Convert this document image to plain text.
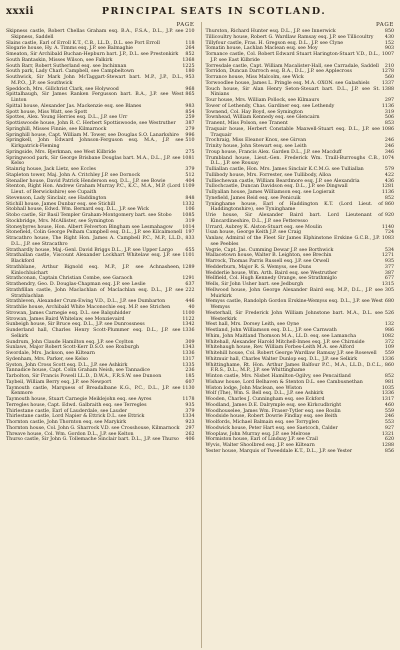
xxxii	PRINCIPAL SEATS IN SCOTLAND.
PAGE

210
Skipness castle, Robert Chellas Graham esq. B.A., F.S.A., D.L., J.P. see Skipness, Saddell

118
Slains castle, Earl of Erroll K.T., C.B., LL.D., D.L. see Port Erroll

264
Slogarie house, Hy. A. Timms esq. J.P. see Balmaghie

852
Smeaton, Sir Archibald Buchan-Hepburn bart. J.P., D.L. see Prestonkirk

1368
South Bantaskin, Misses Wilson, see Falkirk

1225
South Barr, Robert Sutherland esq. see Inchinnan

180
South park, Lady Charl. Campbell, see Campbeltown

953
Southwick, Sir Mark John McTaggart-Stewart bart. M.P., J.P., D.L., M.P.O., J.P. see Southwick

968
Speddoch, Mrs. Gillchrist Clark, see Holywood

865
Spittalhaugh, Sir James Ranken Fergusson bart. B.A., J.P. see West Linton

983
Spittal house, Alexander Jas. Mackenzie esq. see Blanes

854
Spott house, Miss Watt, see Spott

259
Spottes, Alex. Young Herries esq. D.L., J.P. see Urr

387
Spottiswoode house, John R. C. Herbert Spottiswoode, see Westruther

279
Springhill, Misses Finnie, see Kilmarnock

996
Springhill house, Capt. William M. Tower, see Douglas S.O. Lanarkshire

510
Springkell, John Edward Johnson-Ferguson esq. M.A., J.P. see Kirkpatrick-Fleming

275
Springside, Mrs. Bjerkman, see West Kilbride

1081
Springwood park, Sir George Brisbane Douglas bart. M.A., D.L., J.P. see Kelso

379
Stainrig house, Jack Lietz, see Eccles

512
Stapleton tower, Maj. John A. Critchley J.P. see Dornock

404
Stenaller house, David Patrick Henderson esq. D.L., J.P. see Bowie

1109
Stenton, Right Hon. Andrew Graham Murray P.C., K.C., M.A., M.P. (Lord Lieut. of Berwickshire) see Cupaith

848
Stevenson, Lady Sinclair, see Haddington

1332
Stichill house, James Dunbar esq. see Stichill

106
Stobhall house, Edwd. Wm. Bernard esq. D.L., J.P. see Wick

1085
Stobo castle, Sir Basil Templer Graham-Montgomery bart. see Stobo

319
Stockbridge, Mrs. McAllister, see Symington

1014
Stoneybyres house, Hon. Albert Felverton Bingham see Lesmahagow

197
Stonefield, Colin George Pelham Campbell esq. D.L., J.P. see Kilcalmonell

833
Stracathro house, The Right Hon. James A. Campbell P.C., M.P., LL.D., D.L., J.P. see Stracathro

655
Strathardly house, Maj.-Genl. David Briggs D.L., J.P. see Upper Largo

1101
Strathallan castle, Viscount Alexander Lockhart Whitelaw esq. J.P. see Blackford

1289
Strathblane, Arthur Bignold esq. M.P., J.P. see Achnasheen, Kinlochluichart

1291
Strathconan, Captain Christian Combe, see Garaoch

637
Strathendry, Geo. D. Douglas-Chapman esq. J.P. see Leslie

222
Strathfillan castle, John Maclachlan of Maclachlan esq. D.L., J.P. see Strathlachlan

446
Strathleven, Alexander Crum-Ewing V.D., D.L., J.P. see Dumbarton

40
Strathlie house, Archibald White Maconochie esq. M.P. see Strichen

1100
Strowan, James Carnegie esq. D.L. see Balquhidder

1122
Strowan, James Baird Whitelaw, see Monzievaird

1342
Sunbeigh house, Sir Bruce esq. D.L., J.P. see Dunrossness

1336
Sunderland hall, Charles Henry Scott-Plummer esq. D.L., J.P. see Selkirk

309
Sundrum, John Claude Hamilton esq. J.P. see Coylton

1343
Sunlaws, Major Robert Scott-Kerr D.S.O. see Roxburgh

1336
Swordale, Mrs. Jackson, see Kiltearn

1317
Sydenham, Mrs. Parker, see Kelso

1335
Syston, John Cross Scott esq. D.L., J.P. see Ashkirk

236
Tannadice house, Capt. Colin Graham Neish, see Tannadice

185
Tarbolton, Sir Francis Powell LL.D., D.W.A., F.R.S.W. see Dunoon

607
Taybeil, William Berry esq. J.P. see Newport

1130
Taymouth castle, Marquess of Breadalbane K.G., P.C., D.L., J.P. see Kenmore

1178
Taymouth house, Stuart Carnegie Meiklejohn esq. see Ayres

935
Terregles house, Capt. Edwd. Galbraith esq. see Terregles

379
Thirlestane castle, Earl of Lauderdale, see Lauder

1334
Thirlestane castle, Lord Napier & Ettrick D.L. see Ettrick

923
Thornton castle, John Thornton esq. see Marykirk

297
Thornton house, Col. John G. Sharrock V.D. see Crosshouse, Kilmarnock

262
Threave house, Col. Wm. Gordon D.L., J.P. see Kelton

406
Thurso castle, Sir John G. Tollemache Sinclair bart. D.L., J.P. see Thurso

PAGE

850
Thurston, Richard Hunter esq. D.L., J.P. see Innerwick

430
Tillicoultry house, Robert G. Wardlaw Ramsay esq. J.P. see Tillicoultry

152
Tillyfour castle, Fras. H. Gregson esq. D.L., J.P. see Clyne

903
Tomatin house, Lachlan Maclean esq. see Moy

1007
Tornance castle, Col. Robert Edward Stuart Harington-Stuart V.D., D.L., J.P. see East Kilbride

210
Torresdale castle, Capt. William Macalister-Hall, see Carradale, Saddell

1278
Torridon, Duncan Darroch esq. B.A., D.L., J.P. see Applecross

560
Torrance house, Miss Malcolm, see Wick

1337
Torwoodlee house, James L. Pringle esq. M.A. OXON. see Galashiels

1388
Touch house, Sir Alan Henry Seton-Steuart bart. D.L., J.P. see St. Ninians

297
Tour house, Mrs. William Pollock, see Kilmaurs

1136
Tower of Lethendy, Chas. Gardiner esq. see Lethendy

319
Townend, Col. Hay Boyd, see Symington

506
Townhead, William Kennedy esq. see Glencairn

853
Tranent, Miss Polson, see Tranent

1086
Traquair house, Herbert Constable Maxwell-Stuart esq. D.L., J.P. see Traquair

246
Trochraig, Miss Eleanor Knox, see Girvan

246
Trinity house, John Stewart esq. see Leith

346
Troup house, Francis Alex. Garden D.L., J.P. see Macduff

1074
Trumbland house, Lieut.-Gen. Frederick Wm. Traill-Burroughs C.B., D.L., J.P. see Rousay

579
Tulliallan castle, Hon. Mrs. James Sinclair K.C.M.G. see Tulliallan

422
Tullibody house, Mrs. Forrester, see Tullibody, Alloa

436
Tulliechewan castle, William Beardmore esq. J.P. see Alexandria

1281
Tullochcastle, Duncan Davidson esq. D.L., J.P. see Dingwall

1136
Tullyallan house, James Williamson esq. see Logierait

852
Tynefield, James Reid esq. see Penicuik

860
Tyninghame house, Earl of Haddington K.T. (Lord Lieut. of Haddingtonshire), see Tyninghame

920
Urie house, Sir Alexander Baird bart. Lord Lieutenant of Kincardineshire, D.L., J.P. see Fetteresso

1140
Urrard, Aubrey K. Alston-Stuart esq. see Moulin

724
Usan house, George Keith J.P. see Craig

1083
Vanlaw, Admiral of the Fleet Sir James Elphinstone Erskine G.C.B., J.P. see Peebles

534
Vogrie, Capt. Jas. Cumming Dewar J.P. see Borthwick

1271
Wallacetown house, Walter B. Leighton, see Brechin

935
Warrock, Thomas Parris Russell esq. J.P. see Orwell

377
Wedderburn, Major R. S. Wemyss, see Duns

387
Wedderlie house, Wm. Arth. Baird esq. see Westruther

677
Wellfield, Col. Hugh Kennedy Orange, see Strathmiglo

1315
Wells, Sir John Usher bart. see Jedburgh

305
Wellwood house, John George Alexander Baird esq. M.P., D.L., J.P. see Muirkirk

680
Wemyss castle, Randolph Gordon Erskine-Wemyss esq. D.L., J.P. see West Wemyss

526
Westerhall, Sir Frederick John William Johnstone bart. M.A., D.L. see Westerkirk

132
West hall, Mrs. Dorsey Leith, see Oyne

986
Westland, John Williamson esq. D.L., J.P. see Carnwath

1082
Whim, John Maitland Thomson M.A., LL.D. esq. see Lamancha

372
Whitehall, Alexander Harold Mitchell-Innes esq. J.P. see Chirnside

109
Whitehaugh house, Rev. William Forbes-Leith M.A. see Alford

559
Whitehill house, Col. Robert George Wardlaw Ramsay J.P. see Rosewell

1336
Whitmuir hall, Charles Walter Dunlop esq. D.L., J.P. see Selkirk

860
Whittinghame, Rt. Hon. Arthur James Balfour P.C., M.A., LL.D., D.C.L., F.R.S., D.L., M.P., J.P. see Whittinghame

852
Winton castle, Mrs. Nisbet Hamilton-Ogilvy, see Pencaitland

981
Wishaw house, Lord Belhaven & Stenton D.L. see Cambusnethan

1035
Wiston lodge, John Maclean, see Wiston

1336
Wolf (The), Wm. S. Bell esq. D.L., J.P. see Ashkirk

1317
Wooden, Charles J. Cunningham esq. see Eckford

460
Woodland, James D.E. Dalrymple esq. see Kirkcudbright

559
Woodhouselee, James Wm. Fraser-Tytler esq. see Roslin

246
Woodside house, Robert Dowrie Findlay esq. see Beith

553
Woolfords, Michael Balmain esq. see Torryglen

927
Woodwick house, Peter Hart esq. see Saetcoch, Calder

1321
Wooplaw, John Murray esq. J.P. see Melrose

620
Wormiston house, Earl of Lindsay J.P. see Crail

1288
Wyvis, Walter Shoolbred esq. J.P. see Kiltearn

856
Yester house, Marquis of Tweeddale K.T., D.L., J.P. see Yester
